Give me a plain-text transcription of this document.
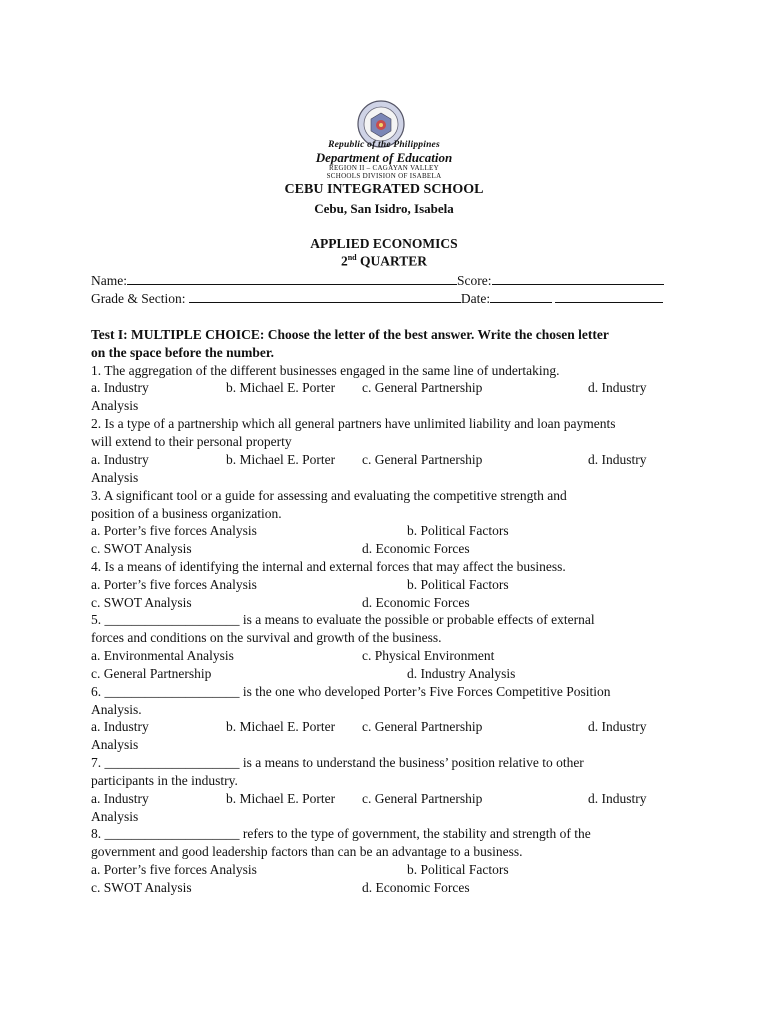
Republic of the Philippines
Department of Education
REGION II – CAGAYAN VALLEY
SCHOOLS DIVISION OF ISABELA
CEBU INTEGRATED SCHOOL
Cebu, San Isidro, Isabela
APPLIED ECONOMICS
2nd QUARTER
Name:	Score:
Grade & Section:	Date:
Test I: MULTIPLE CHOICE: Choose the letter of the best answer. Write the chosen letter
on the space before the number.
1. The aggregation of the different businesses engaged in the same line of undertaking.
a. Industry	b. Michael E. Porter c. General Partnership	d. Industry
Analysis
2. Is a type of a partnership which all general partners have unlimited liability and loan payments
will extend to their personal property
a. Industry	b. Michael E. Porter c. General Partnership	d. Industry
Analysis
3. A significant tool or a guide for assessing and evaluating the competitive strength and
position of a business organization.
a. Porter’s five forces Analysis	b. Political Factors
c. SWOT Analysis	d. Economic Forces
4. Is a means of identifying the internal and external forces that may affect the business.
a. Porter’s five forces Analysis	b. Political Factors
c. SWOT Analysis	d. Economic Forces
5. ____________________ is a means to evaluate the possible or probable effects of external
forces and conditions on the survival and growth of the business.
a. Environmental Analysis	c. Physical Environment
c. General Partnership	d. Industry Analysis
6. ____________________ is the one who developed Porter’s Five Forces Competitive Position
Analysis.
a. Industry	b. Michael E. Porter c. General Partnership	d. Industry
Analysis
7. ____________________ is a means to understand the business’ position relative to other
participants in the industry.
a. Industry	b. Michael E. Porter c. General Partnership	d. Industry
Analysis
8. ____________________ refers to the type of government, the stability and strength of the
government and good leadership factors than can be an advantage to a business.
a. Porter’s five forces Analysis	b. Political Factors
c. SWOT Analysis	d. Economic Forces
